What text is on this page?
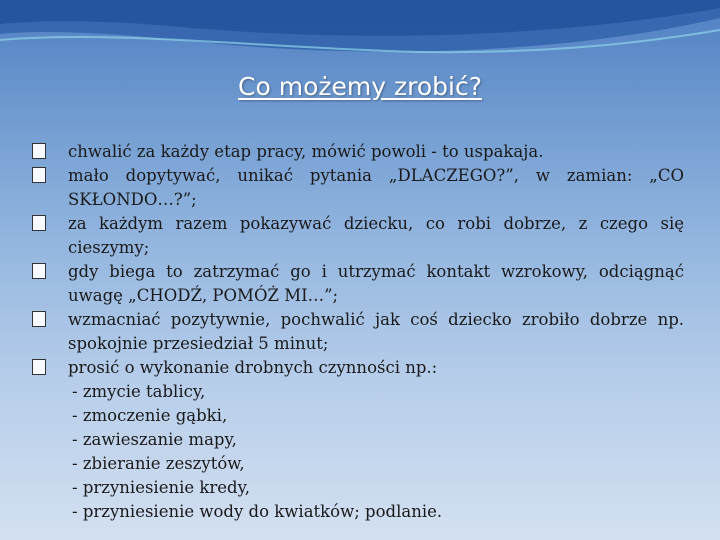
Co możemy zrobić?
chwalić za każdy etap pracy, mówić powoli - to uspakaja.
mało dopytywać, unikać pytania „DLACZEGO?”, w zamian: „CO SKŁONDO…?”;
za każdym razem pokazywać dziecku, co robi dobrze, z czego się cieszymy;
gdy biega to zatrzymać go i utrzymać kontakt wzrokowy, odciągnąć uwagę „CHODŹ, POMÓŻ MI…”;
wzmacniać pozytywnie, pochwalić jak coś dziecko zrobiło dobrze np. spokojnie przesiedział 5 minut;
prosić o wykonanie drobnych czynności np.:
- zmycie tablicy,
- zmoczenie gąbki,
- zawieszanie mapy,
- zbieranie zeszytów,
- przyniesienie kredy,
- przyniesienie wody do kwiatków; podlanie.
